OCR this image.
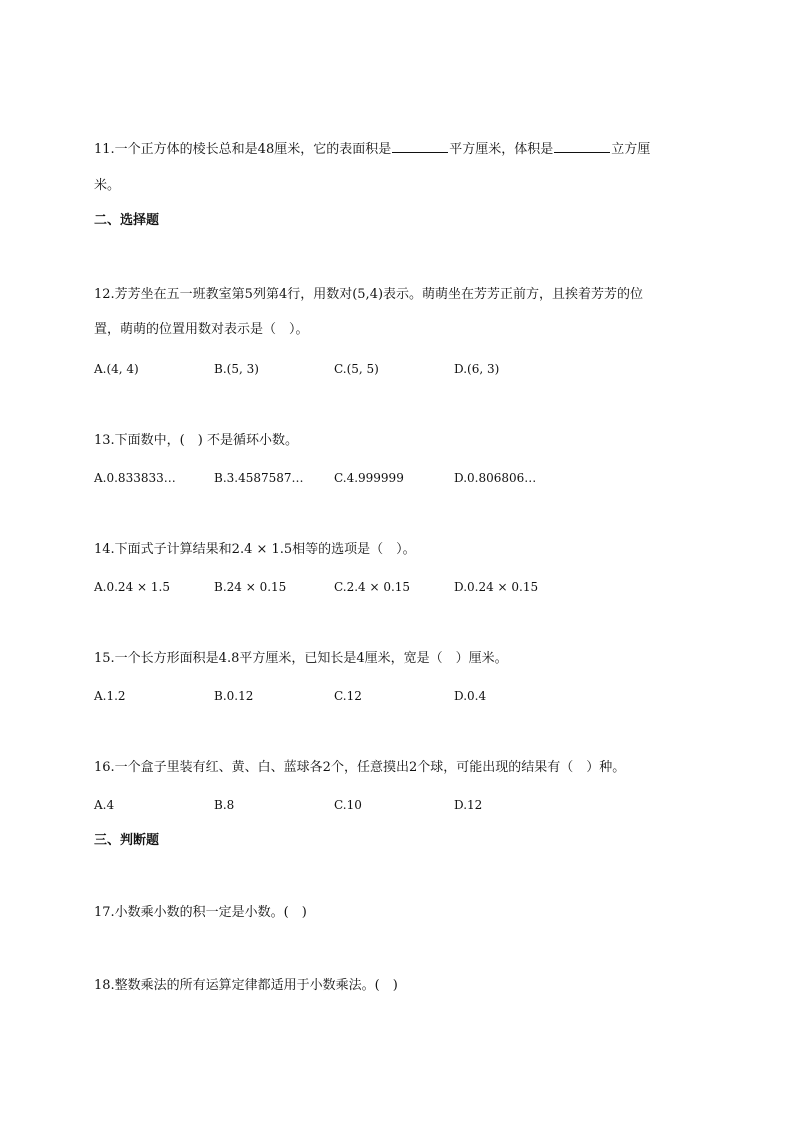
11.一个正方体的棱长总和是48厘米，它的表面积是	平方厘米，体积是	立方厘
米。
二、选择题
12.芳芳坐在五一班教室第5列第4行，用数对(5,4)表示。萌萌坐在芳芳正前方，且挨着芳芳的位
置，萌萌的位置用数对表示是（　）。
A.(4, 4)	B.(5, 3)	C.(5, 5)	D.(6, 3)
13.下面数中，(　) 不是循环小数。
A.0.833833…	B.3.4587587…	C.4.999999	D.0.806806…
14.下面式子计算结果和2.4 × 1.5相等的选项是（　）。
A.0.24 × 1.5	B.24 × 0.15	C.2.4 × 0.15	D.0.24 × 0.15
15.一个长方形面积是4.8平方厘米，已知长是4厘米，宽是（　）厘米。
A.1.2	B.0.12	C.12	D.0.4
16.一个盒子里装有红、黄、白、蓝球各2个，任意摸出2个球，可能出现的结果有（　）种。
A.4	B.8	C.10	D.12
三、判断题
17.小数乘小数的积一定是小数。(　)
18.整数乘法的所有运算定律都适用于小数乘法。(　)
